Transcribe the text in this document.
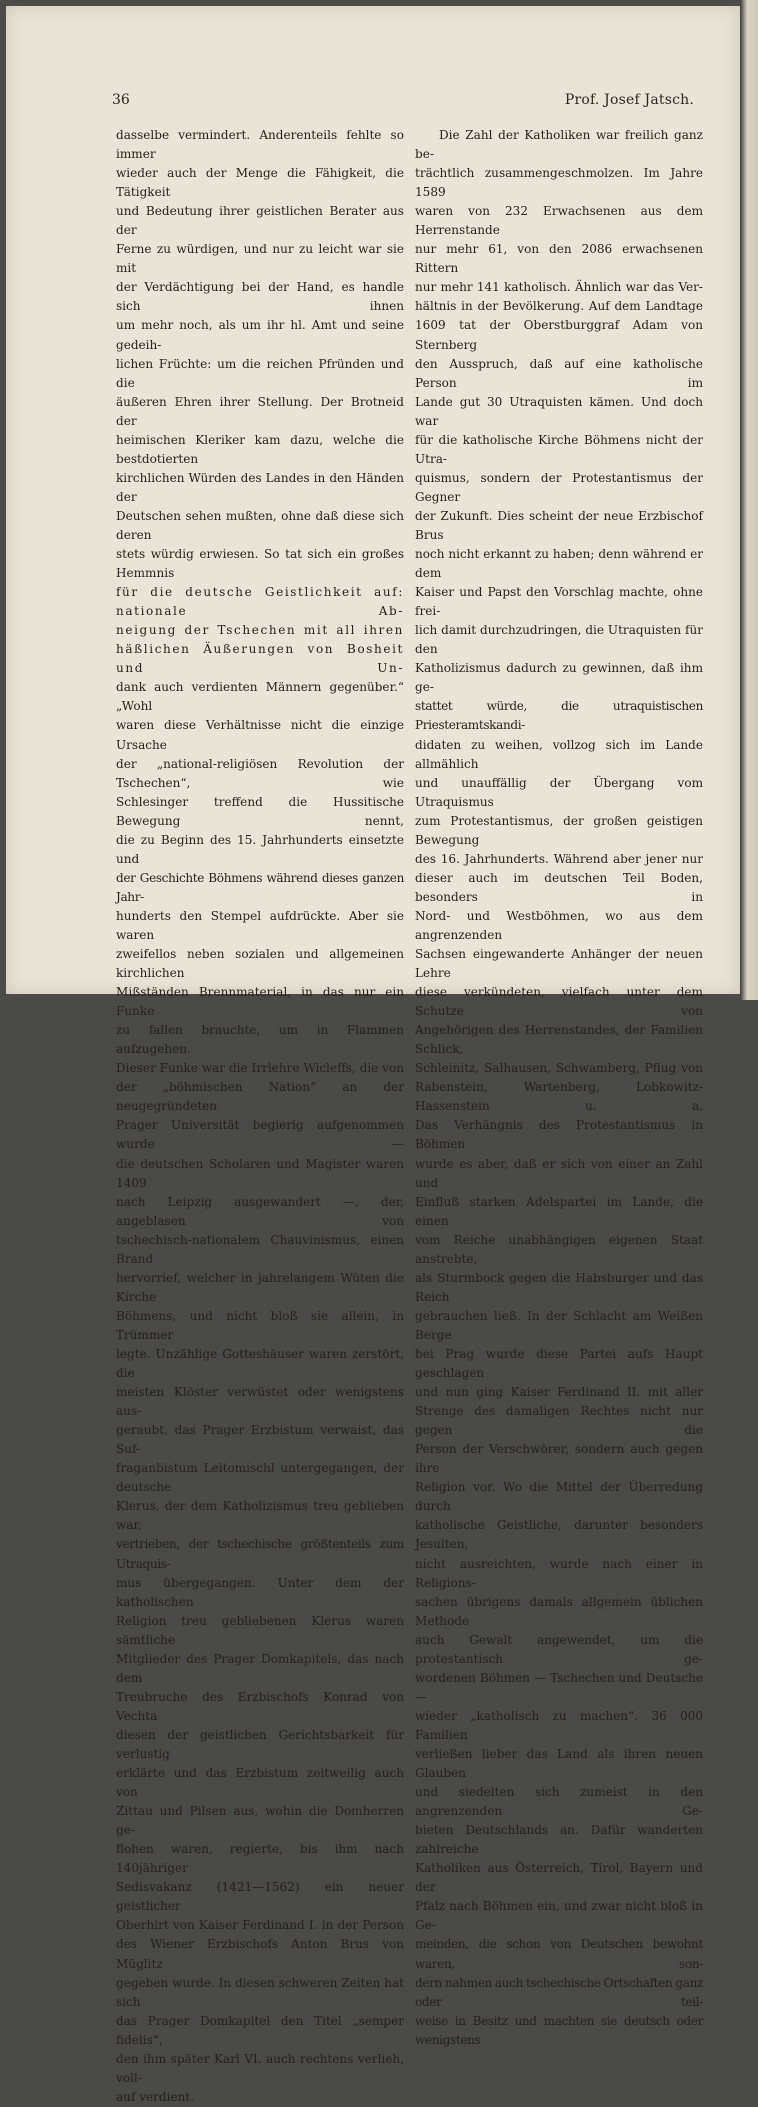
36	Prof. Josef Jatsch.

dasselbe vermindert. Anderenteils fehlte so immer

wieder auch der Menge die Fähigkeit, die Tätigkeit

und Bedeutung ihrer geistlichen Berater aus der

Ferne zu würdigen, und nur zu leicht war sie mit

der Verdächtigung bei der Hand, es handle sich ihnen

um mehr noch, als um ihr hl. Amt und seine gedeih-

lichen Früchte: um die reichen Pfründen und die

äußeren Ehren ihrer Stellung. Der Brotneid der

heimischen Kleriker kam dazu, welche die bestdotierten

kirchlichen Würden des Landes in den Händen der

Deutschen sehen mußten, ohne daß diese sich deren

stets würdig erwiesen. So tat sich ein großes Hemmnis

für die deutsche Geistlichkeit auf: nationale Ab-

neigung der Tschechen mit all ihren

häßlichen Äußerungen von Bosheit und Un-

dank auch verdienten Männern gegenüber.“ „Wohl

waren diese Verhältnisse nicht die einzige Ursache

der „national-religiösen Revolution der Tschechen“, wie

Schlesinger treffend die Hussitische Bewegung nennt,

die zu Beginn des 15. Jahrhunderts einsetzte und

der Geschichte Böhmens während dieses ganzen Jahr-

hunderts den Stempel aufdrückte. Aber sie waren

zweifellos neben sozialen und allgemeinen kirchlichen

Mißständen Brennmaterial, in das nur ein Funke

zu fallen brauchte, um in Flammen aufzugehen.

Dieser Funke war die Irrlehre Wicleffs, die von

der „böhmischen Nation“ an der neugegründeten

Prager Universität begierig aufgenommen wurde —

die deutschen Scholaren und Magister waren 1409

nach Leipzig ausgewandert —, der, angeblasen von

tschechisch-nationalem Chauvinismus, einen Brand

hervorrief, welcher in jahrelangem Wüten die Kirche

Böhmens, und nicht bloß sie allein, in Trümmer

legte. Unzählige Gotteshäuser waren zerstört, die

meisten Klöster verwüstet oder wenigstens aus-

geraubt, das Prager Erzbistum verwaist, das Suf-

fraganbistum Leitomischl untergegangen, der deutsche

Klerus, der dem Katholizismus treu geblieben war,

vertrieben, der tschechische größtenteils zum Utraquis-

mus übergegangen. Unter dem der katholischen

Religion treu gebliebenen Klerus waren sämtliche

Mitglieder des Prager Domkapitels, das nach dem

Treubruche des Erzbischofs Konrad von Vechta

diesen der geistlichen Gerichtsbarkeit für verlustig

erklärte und das Erzbistum zeitweilig auch von

Zittau und Pilsen aus, wohin die Domherren ge-

flohen waren, regierte, bis ihm nach 140jähriger

Sedisvakanz (1421—1562) ein neuer geistlicher

Oberhirt von Kaiser Ferdinand I. in der Person

des Wiener Erzbischofs Anton Brus von Müglitz

gegeben wurde. In diesen schweren Zeiten hat sich

das Prager Domkapitel den Titel „semper fidelis“,

den ihm später Karl VI. auch rechtens verlieh, voll-

auf verdient.

Die Zahl der Katholiken war freilich ganz be-

trächtlich zusammengeschmolzen. Im Jahre 1589

waren von 232 Erwachsenen aus dem Herrenstande

nur mehr 61, von den 2086 erwachsenen Rittern

nur mehr 141 katholisch. Ähnlich war das Ver-

hältnis in der Bevölkerung. Auf dem Landtage

1609 tat der Oberstburggraf Adam von Sternberg

den Ausspruch, daß auf eine katholische Person im

Lande gut 30 Utraquisten kämen. Und doch war

für die katholische Kirche Böhmens nicht der Utra-

quismus, sondern der Protestantismus der Gegner

der Zukunft. Dies scheint der neue Erzbischof Brus

noch nicht erkannt zu haben; denn während er dem

Kaiser und Papst den Vorschlag machte, ohne frei-

lich damit durchzudringen, die Utraquisten für den

Katholizismus dadurch zu gewinnen, daß ihm ge-

stattet würde, die utraquistischen Priesteramtskandi-

didaten zu weihen, vollzog sich im Lande allmählich

und unauffällig der Übergang vom Utraquismus

zum Protestantismus, der großen geistigen Bewegung

des 16. Jahrhunderts. Während aber jener nur

dieser auch im deutschen Teil Boden, besonders in

Nord- und Westböhmen, wo aus dem angrenzenden

Sachsen eingewanderte Anhänger der neuen Lehre

diese verkündeten, vielfach unter dem Schutze von

Angehörigen des Herrenstandes, der Familien Schlick,

Schleinitz, Salhausen, Schwamberg, Pflug von

Rabenstein, Wartenberg, Lobkowitz-Hassenstein u. a.

Das Verhängnis des Protestantismus in Böhmen

wurde es aber, daß er sich von einer an Zahl und

Einfluß starken Adelspartei im Lande, die einen

vom Reiche unabhängigen eigenen Staat anstrebte,

als Sturmbock gegen die Habsburger und das Reich

gebrauchen ließ. In der Schlacht am Weißen Berge

bei Prag wurde diese Partei aufs Haupt geschlagen

und nun ging Kaiser Ferdinand II. mit aller

Strenge des damaligen Rechtes nicht nur gegen die

Person der Verschwörer, sondern auch gegen ihre

Religion vor. Wo die Mittel der Überredung durch

katholische Geistliche, darunter besonders Jesuiten,

nicht ausreichten, wurde nach einer in Religions-

sachen übrigens damals allgemein üblichen Methode

auch Gewalt angewendet, um die protestantisch ge-

wordenen Böhmen — Tschechen und Deutsche —

wieder „katholisch zu machen“. 36 000 Familien

verließen lieber das Land als ihren neuen Glauben

und siedelten sich zumeist in den angrenzenden Ge-

bieten Deutschlands an. Dafür wanderten zahlreiche

Katholiken aus Österreich, Tirol, Bayern und der

Pfalz nach Böhmen ein, und zwar nicht bloß in Ge-

meinden, die schon von Deutschen bewohnt waren, son-

dern nahmen auch tschechische Ortschaften ganz oder teil-

weise in Besitz und machten sie deutsch oder wenigstens
